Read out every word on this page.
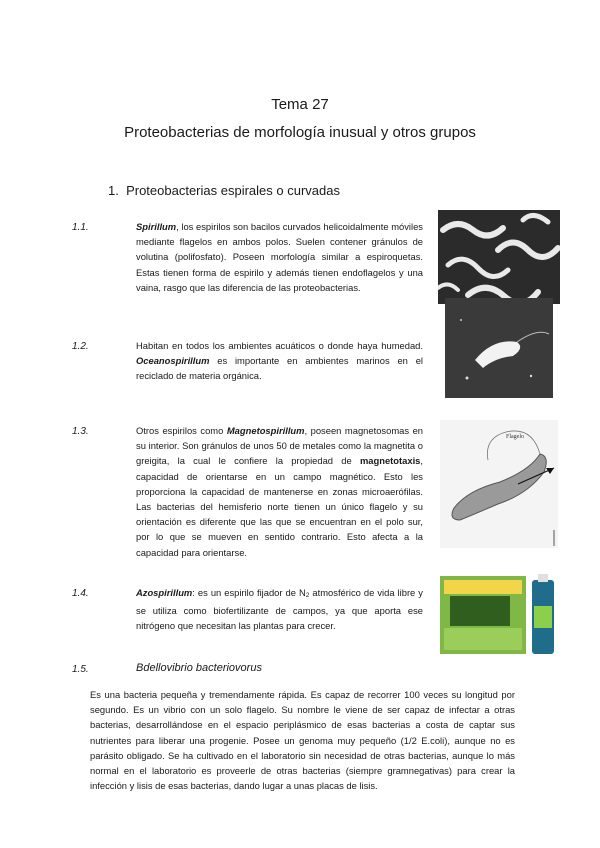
Tema 27
Proteobacterias de morfología inusual y otros grupos
1. Proteobacterias espirales o curvadas
1.1.	Spirillum, los espirilos son bacilos curvados helicoidalmente móviles mediante flagelos en ambos polos. Suelen contener gránulos de volutina (polifosfato). Poseen morfología similar a espiroquetas. Estas tienen forma de espirilo y además tienen endoflagelos y una vaina, rasgo que las diferencia de las proteobacterias.
1.2.	Habitan en todos los ambientes acuáticos o donde haya humedad. Oceanospirillum es importante en ambientes marinos en el reciclado de materia orgánica.
1.3.	Otros espirilos como Magnetospirillum, poseen magnetosomas en su interior. Son gránulos de unos 50 de metales como la magnetita o greigita, la cual le confiere la propiedad de magnetotaxis, capacidad de orientarse en un campo magnético. Esto les proporciona la capacidad de mantenerse en zonas microaerófilas. Las bacterias del hemisferio norte tienen un único flagelo y su orientación es diferente que las que se encuentran en el polo sur, por lo que se mueven en sentido contrario. Esto afecta a la capacidad para orientarse.
Flagelo
1.4.	Azospirillum: es un espirilo fijador de N2 atmosférico de vida libre y se utiliza como biofertilizante de campos, ya que aporta ese nitrógeno que necesitan las plantas para crecer.
1.5.	Bdellovibrio bacteriovorus
Es una bacteria pequeña y tremendamente rápida. Es capaz de recorrer 100 veces su longitud por segundo. Es un vibrio con un solo flagelo. Su nombre le viene de ser capaz de infectar a otras bacterias, desarrollándose en el espacio periplásmico de esas bacterias a costa de captar sus nutrientes para liberar una progenie. Posee un genoma muy pequeño (1/2 E.coli), aunque no es parásito obligado. Se ha cultivado en el laboratorio sin necesidad de otras bacterias, aunque lo más normal en el laboratorio es proveerle de otras bacterias (siempre gramnegativas) para crear la infección y lisis de esas bacterias, dando lugar a unas placas de lisis.
